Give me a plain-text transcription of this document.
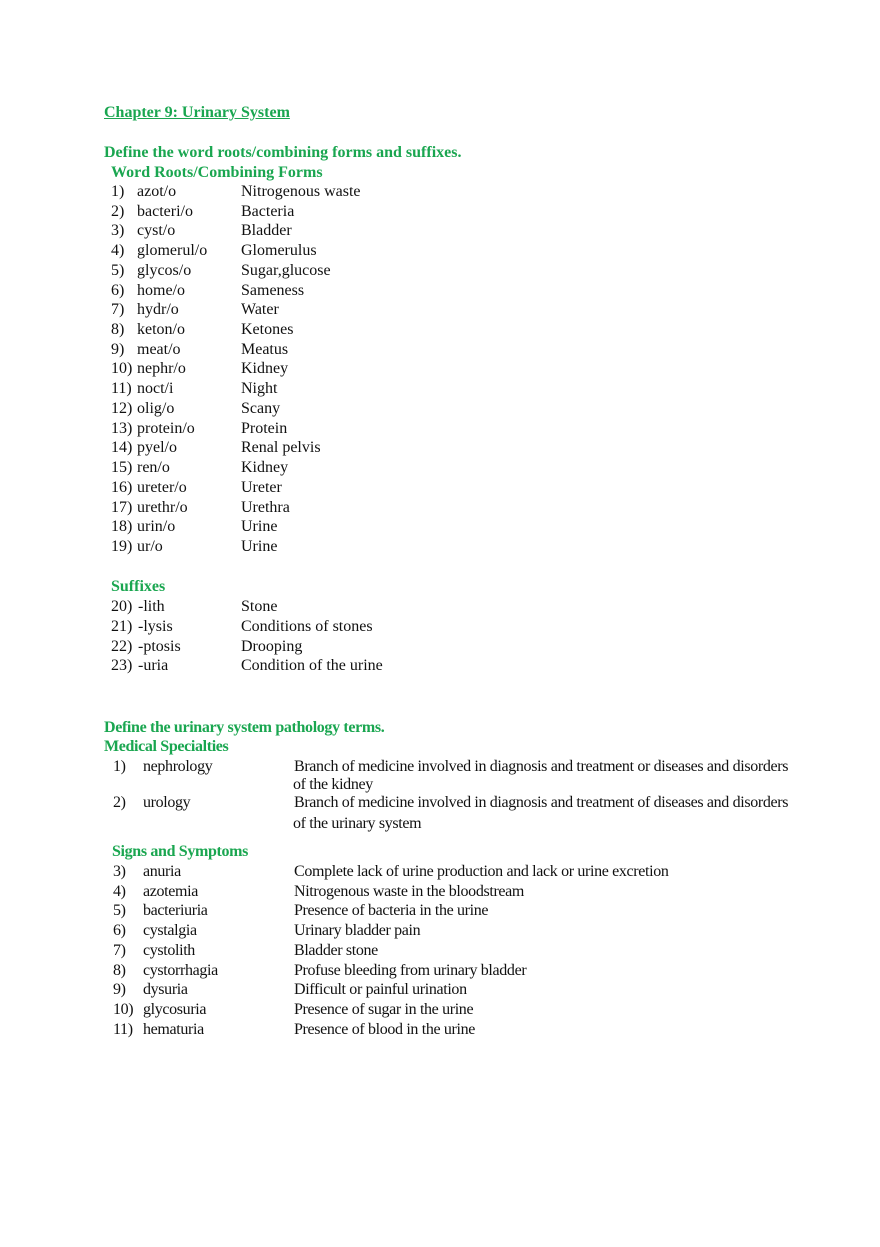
Chapter 9: Urinary System
Define the word roots/combining forms and suffixes.
Word Roots/Combining Forms
1) azot/o	Nitrogenous waste
2) bacteri/o	Bacteria
3) cyst/o	Bladder
4) glomerul/o Glomerulus
5) glycos/o	Sugar,glucose
6) home/o	Sameness
7) hydr/o	Water
8) keton/o	Ketones
9) meat/o	Meatus
10) nephr/o	Kidney
11) noct/i	Night
12) olig/o	Scany
13) protein/o	Protein
14) pyel/o	Renal pelvis
15) ren/o	Kidney
16) ureter/o	Ureter
17) urethr/o	Urethra
18) urin/o	Urine
19) ur/o	Urine
Suffixes
20) -lith	Stone
21) -lysis	Conditions of stones
22) -ptosis	Drooping
23) -uria	Condition of the urine
Define the urinary system pathology terms.
Medical Specialties
1) nephrology	Branch of medicine involved in diagnosis and treatment or diseases and disorders
of the kidney
2) urology	Branch of medicine involved in diagnosis and treatment of diseases and disorders
of the urinary system
Signs and Symptoms
3) anuria	Complete lack of urine production and lack or urine excretion
4) azotemia	Nitrogenous waste in the bloodstream
5) bacteriuria	Presence of bacteria in the urine
6) cystalgia	Urinary bladder pain
7) cystolith	Bladder stone
8) cystorrhagia	Profuse bleeding from urinary bladder
9) dysuria	Difficult or painful urination
10) glycosuria	Presence of sugar in the urine
11) hematuria	Presence of blood in the urine
